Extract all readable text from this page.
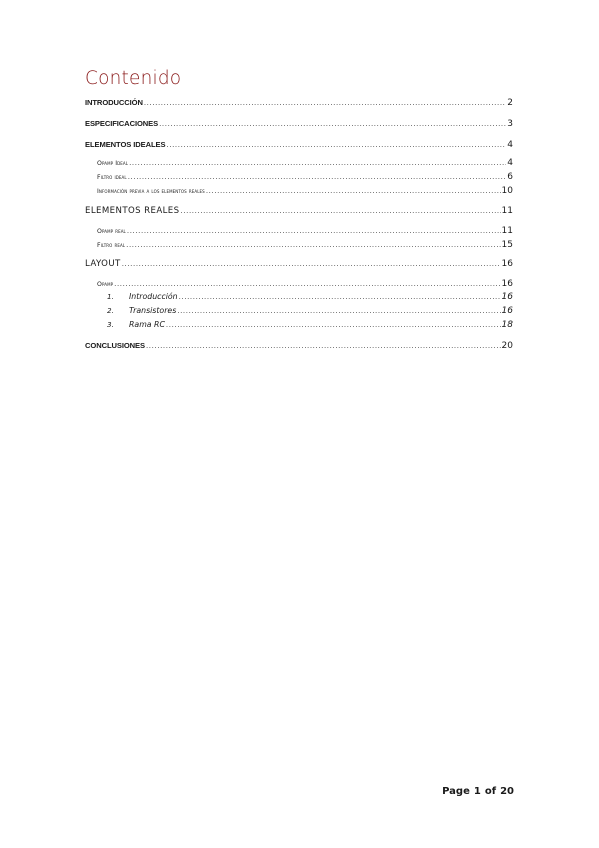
Contenido
INTRODUCCIÓN .....	2
ESPECIFICACIONES .....	3
ELEMENTOS IDEALES .....	4
Opamp Ideal .....	4
Filtro ideal .....	6
Información previa a los elementos reales .....	10
ELEMENTOS REALES .....	11
Opamp real .....	11
Filtro real .....	15
LAYOUT .....	16
Opamp .....	16
1.	Introducción .....	16
2.	Transistores .....	16
3.	Rama RC .....	18
CONCLUSIONES .....	20
Page 1 of 20
